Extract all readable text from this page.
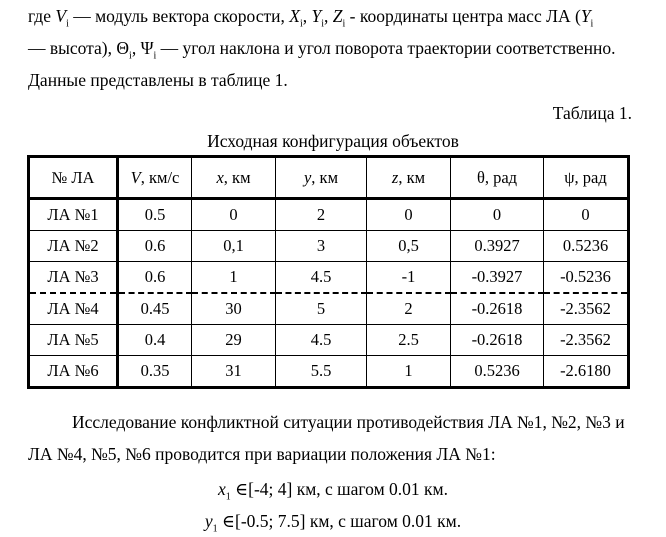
где $V_i$ — модуль вектора скорости, $X_i$, $Y_i$, $Z_i$ - координаты центра масс ЛА ($Y_i$
— высота), $\Theta_i$, $\Psi_i$ — угол наклона и угол поворота траектории соответственно.
Данные представлены в таблице 1.
Таблица 1.
Исходная конфигурация объектов
№ ЛА	V, км/с	x, км	y, км	z, км	θ, рад	ψ, рад
ЛА №1	0.5	0	2	0	0	0
ЛА №2	0.6	0,1	3	0,5	0.3927	0.5236
ЛА №3	0.6	1	4.5	-1	-0.3927	-0.5236
ЛА №4	0.45	30	5	2	-0.2618	-2.3562
ЛА №5	0.4	29	4.5	2.5	-0.2618	-2.3562
ЛА №6	0.35	31	5.5	1	0.5236	-2.6180
Исследование конфликтной ситуации противодействия ЛА №1, №2, №3 и
ЛА №4, №5, №6 проводится при вариации положения ЛА №1:
$x_1$ ∈[-4; 4] км, с шагом 0.01 км.
$y_1$ ∈[-0.5; 7.5] км, с шагом 0.01 км.
